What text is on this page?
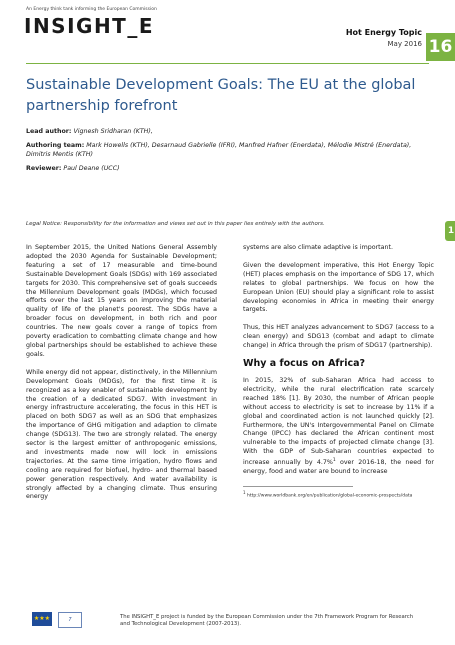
An Energy think tank informing the European Commission
INSIGHT_E	Hot Energy Topic
May 2016 16
Sustainable Development Goals: The EU at the global partnership forefront
Lead author: Vignesh Sridharan (KTH),
Authoring team: Mark Howells (KTH), Desarnaud Gabrielle (IFRI), Manfred Hafner (Enerdata), Mélodie Mistré (Enerdata), Dimitris Mentis (KTH)
Reviewer: Paul Deane (UCC)
Legal Notice: Responsibility for the information and views set out in this paper lies entirely with the authors.
1

In September 2015, the United Nations General Assembly adopted the 2030 Agenda for Sustainable Development; featuring a set of 17 measurable and time-bound Sustainable Development Goals (SDGs) with 169 associated targets for 2030. This comprehensive set of goals succeeds the Millennium Development goals (MDGs), which focused efforts over the last 15 years on improving the material quality of life of the planet's poorest. The SDGs have a broader focus on development, in both rich and poor countries. The new goals cover a range of topics from poverty eradication to combatting climate change and how global partnerships should be established to achieve these goals.

While energy did not appear, distinctively, in the Millennium Development Goals (MDGs), for the first time it is recognized as a key enabler of sustainable development by the creation of a dedicated SDG7. With investment in energy infrastructure accelerating, the focus in this HET is placed on both SDG7 as well as an SDG that emphasizes the importance of GHG mitigation and adaption to climate change (SDG13). The two are strongly related. The energy sector is the largest emitter of anthropogenic emissions, and investments made now will lock in emissions trajectories. At the same time irrigation, hydro flows and cooling are required for biofuel, hydro- and thermal based power generation respectively. And water availability is strongly affected by a changing climate. Thus ensuring energy

systems are also climate adaptive is important.

Given the development imperative, this Hot Energy Topic (HET) places emphasis on the importance of SDG 17, which relates to global partnerships. We focus on how the European Union (EU) should play a significant role to assist developing economies in Africa in meeting their energy targets.

Thus, this HET analyzes advancement to SDG7 (access to a clean energy) and SDG13 (combat and adapt to climate change) in Africa through the prism of SDG17 (partnership).

Why a focus on Africa?

In 2015, 32% of sub-Saharan Africa had access to electricity, while the rural electrification rate scarcely reached 18% [1]. By 2030, the number of African people without access to electricity is set to increase by 11% if a global and coordinated action is not launched quickly [2]. Furthermore, the UN's Intergovernmental Panel on Climate Change (IPCC) has declared the African continent most vulnerable to the impacts of projected climate change [3]. With the GDP of Sub-Saharan countries expected to increase annually by 4.7%$^1$ over 2016-18, the need for energy, food and water are bound to increase

$^1$ http://www.worldbank.org/en/publication/global-economic-prospects/data
★★★	7	The INSIGHT_E project is funded by the European Commission under the 7th Framework Program for Research and Technological Development (2007-2013).
